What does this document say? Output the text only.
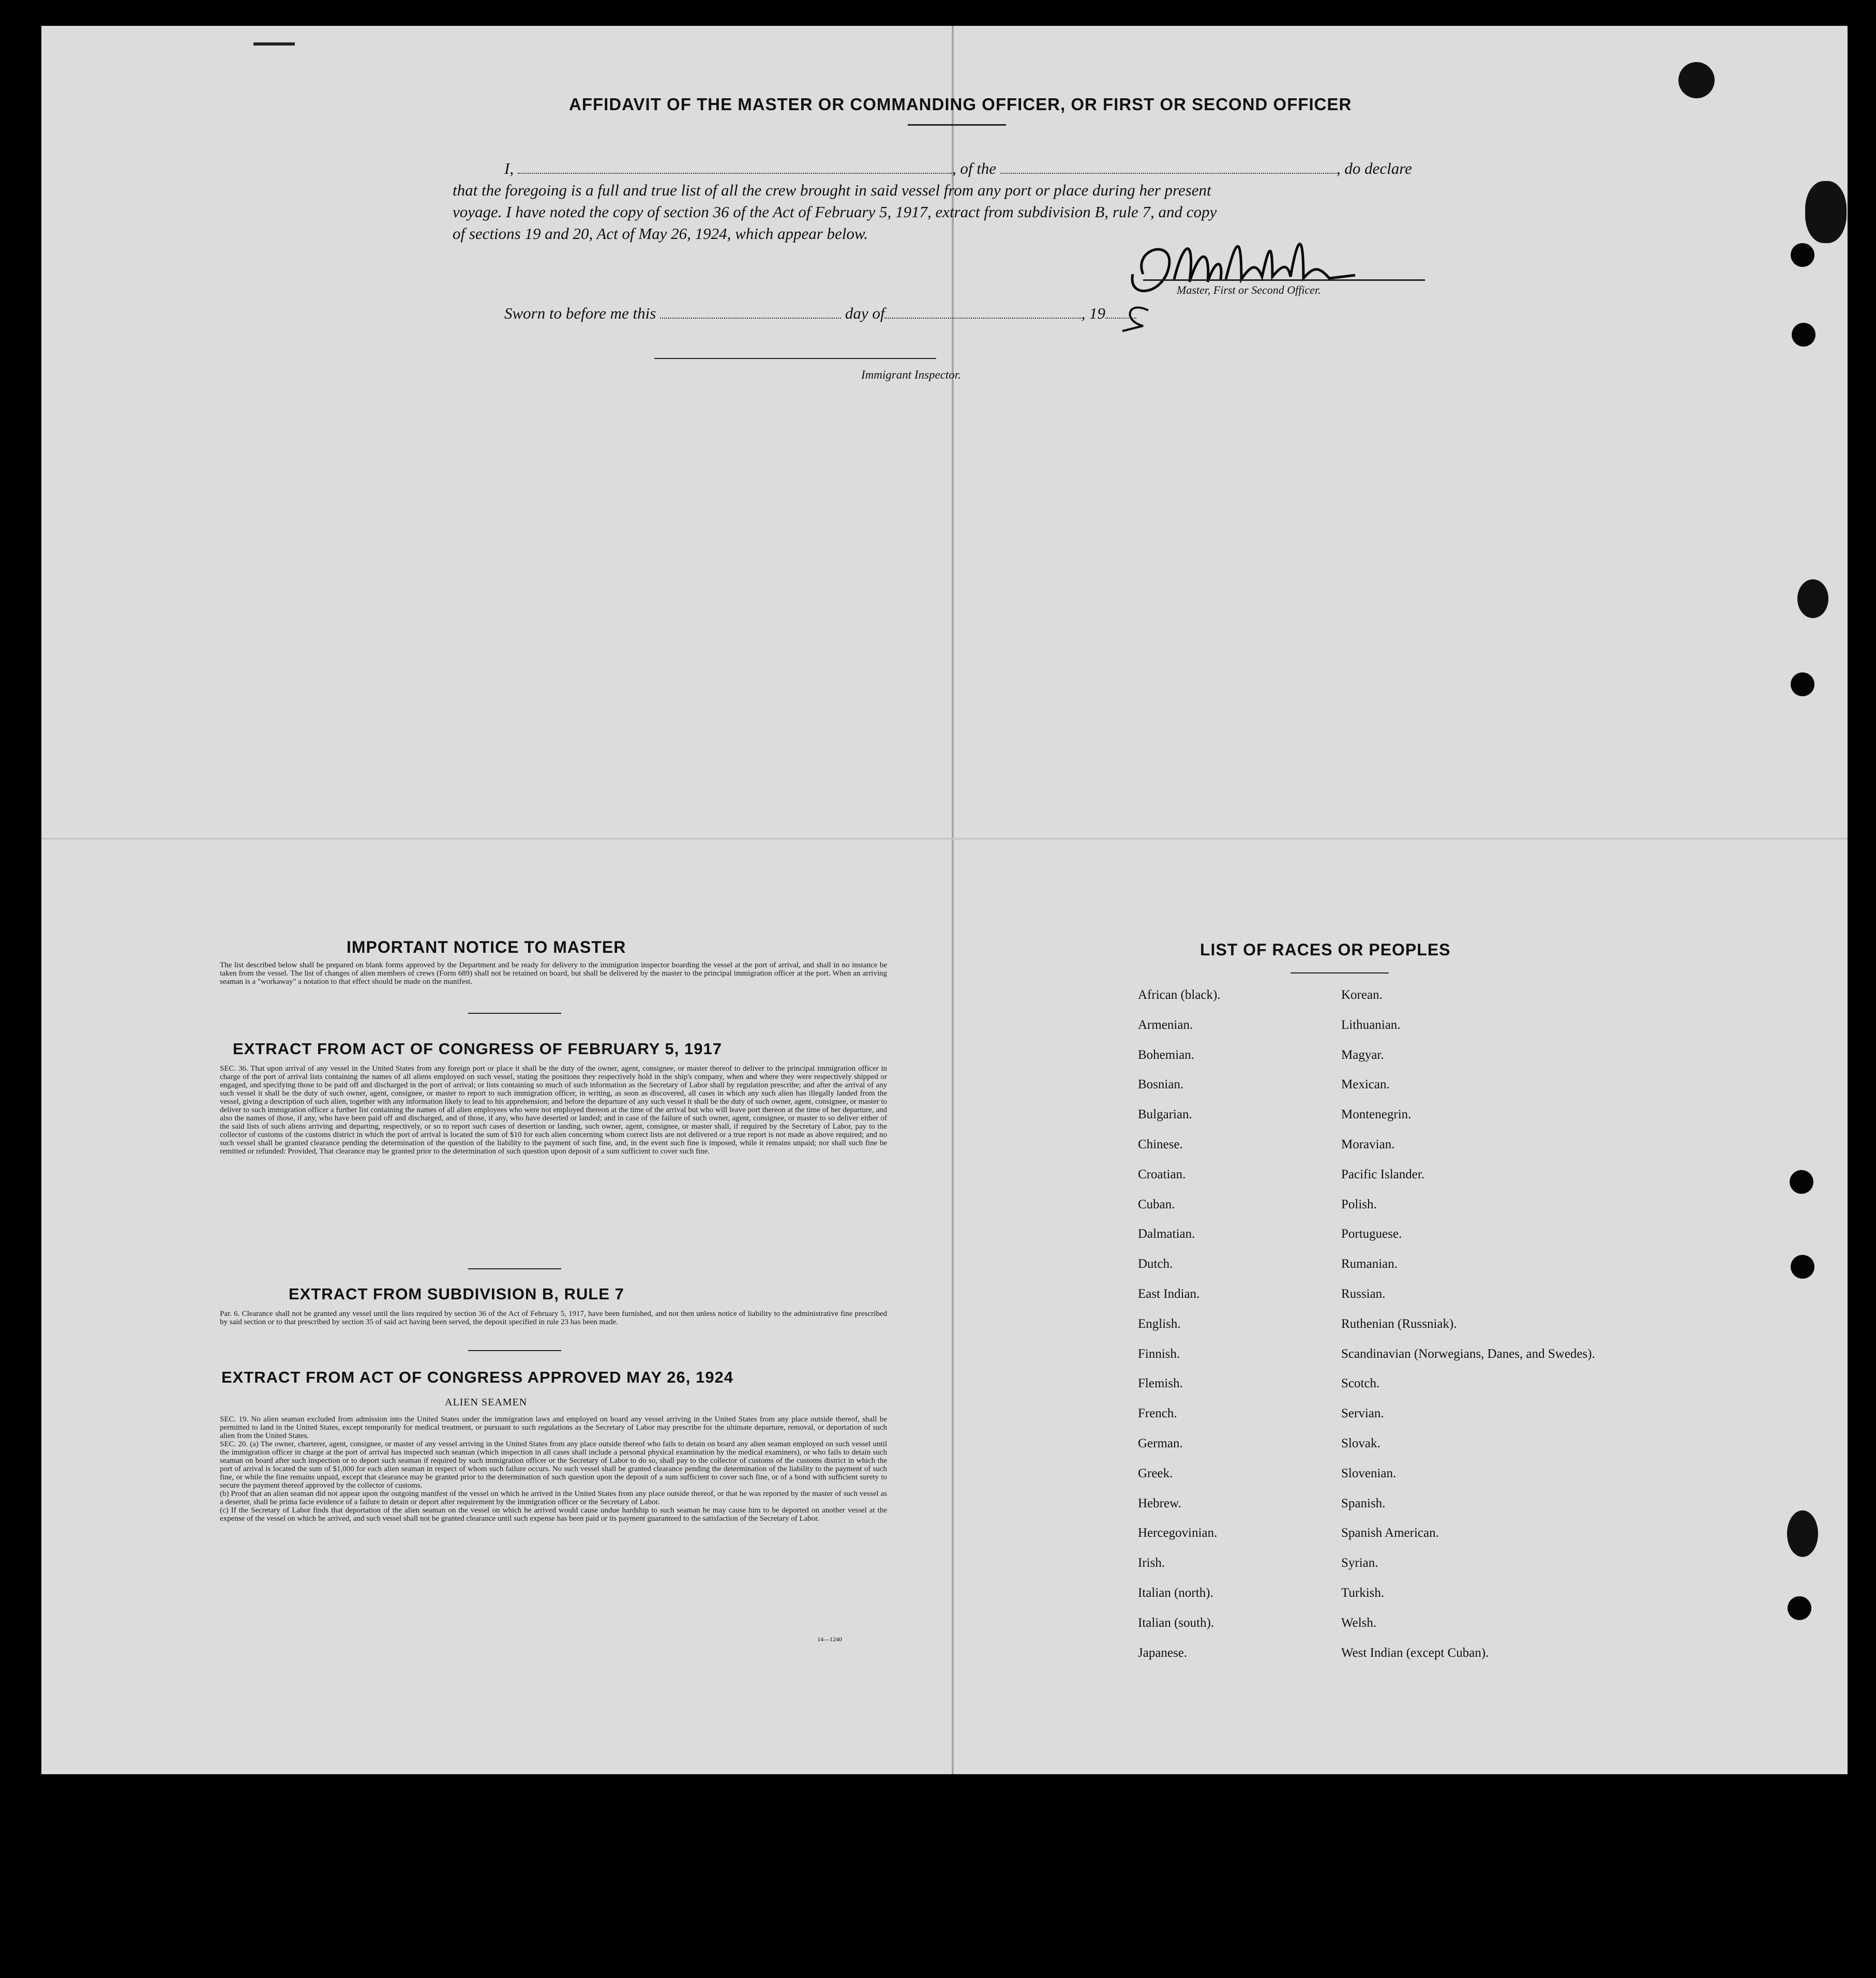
AFFIDAVIT OF THE MASTER OR COMMANDING OFFICER, OR FIRST OR SECOND OFFICER
I,	, of the	, do declare
that the foregoing is a full and true list of all the crew brought in said vessel from any port or place during her present
voyage. I have noted the copy of section 36 of the Act of February 5, 1917, extract from subdivision B, rule 7, and copy
of sections 19 and 20, Act of May 26, 1924, which appear below.
Master, First or Second Officer.
Sworn to before me this	day of	, 19
Immigrant Inspector.
IMPORTANT NOTICE TO MASTER
The list described below shall be prepared on blank forms approved by the Department and be ready for delivery to the immigration inspector boarding the vessel at the port of arrival, and shall in no instance be taken from the vessel. The list of changes of alien members of crews (Form 689) shall not be retained on board, but shall be delivered by the master to the principal immigration officer at the port. When an arriving seaman is a "workaway" a notation to that effect should be made on the manifest.
EXTRACT FROM ACT OF CONGRESS OF FEBRUARY 5, 1917
SEC. 36. That upon arrival of any vessel in the United States from any foreign port or place it shall be the duty of the owner, agent, consignee, or master thereof to deliver to the principal immigration officer in charge of the port of arrival lists containing the names of all aliens employed on such vessel, stating the positions they respectively hold in the ship's company, when and where they were respectively shipped or engaged, and specifying those to be paid off and discharged in the port of arrival; or lists containing so much of such information as the Secretary of Labor shall by regulation prescribe; and after the arrival of any such vessel it shall be the duty of such owner, agent, consignee, or master to report to such immigration officer, in writing, as soon as discovered, all cases in which any such alien has illegally landed from the vessel, giving a description of such alien, together with any information likely to lead to his apprehension; and before the departure of any such vessel it shall be the duty of such owner, agent, consignee, or master to deliver to such immigration officer a further list containing the names of all alien employees who were not employed thereon at the time of the arrival but who will leave port thereon at the time of her departure, and also the names of those, if any, who have been paid off and discharged, and of those, if any, who have deserted or landed; and in case of the failure of such owner, agent, consignee, or master to so deliver either of the said lists of such aliens arriving and departing, respectively, or so to report such cases of desertion or landing, such owner, agent, consignee, or master shall, if required by the Secretary of Labor, pay to the collector of customs of the customs district in which the port of arrival is located the sum of $10 for each alien concerning whom correct lists are not delivered or a true report is not made as above required; and no such vessel shall be granted clearance pending the determination of the question of the liability to the payment of such fine, and, in the event such fine is imposed, while it remains unpaid; nor shall such fine be remitted or refunded: Provided, That clearance may be granted prior to the determination of such question upon deposit of a sum sufficient to cover such fine.
EXTRACT FROM SUBDIVISION B, RULE 7
Par. 6. Clearance shall not be granted any vessel until the lists required by section 36 of the Act of February 5, 1917, have been furnished, and not then unless notice of liability to the administrative fine prescribed by said section or to that prescribed by section 35 of said act having been served, the deposit specified in rule 23 has been made.
EXTRACT FROM ACT OF CONGRESS APPROVED MAY 26, 1924
ALIEN SEAMEN
SEC. 19. No alien seaman excluded from admission into the United States under the immigration laws and employed on board any vessel arriving in the United States from any place outside thereof, shall be permitted to land in the United States, except temporarily for medical treatment, or pursuant to such regulations as the Secretary of Labor may prescribe for the ultimate departure, removal, or deportation of such alien from the United States.
SEC. 20. (a) The owner, charterer, agent, consignee, or master of any vessel arriving in the United States from any place outside thereof who fails to detain on board any alien seaman employed on such vessel until the immigration officer in charge at the port of arrival has inspected such seaman (which inspection in all cases shall include a personal physical examination by the medical examiners), or who fails to detain such seaman on board after such inspection or to deport such seaman if required by such immigration officer or the Secretary of Labor to do so, shall pay to the collector of customs of the customs district in which the port of arrival is located the sum of $1,000 for each alien seaman in respect of whom such failure occurs. No such vessel shall be granted clearance pending the determination of the liability to the payment of such fine, or while the fine remains unpaid, except that clearance may be granted prior to the determination of such question upon the deposit of a sum sufficient to cover such fine, or of a bond with sufficient surety to secure the payment thereof approved by the collector of customs.
(b) Proof that an alien seaman did not appear upon the outgoing manifest of the vessel on which he arrived in the United States from any place outside thereof, or that he was reported by the master of such vessel as a deserter, shall be prima facie evidence of a failure to detain or deport after requirement by the immigration officer or the Secretary of Labor.
(c) If the Secretary of Labor finds that deportation of the alien seaman on the vessel on which he arrived would cause undue hardship to such seaman he may cause him to be deported on another vessel at the expense of the vessel on which he arrived, and such vessel shall not be granted clearance until such expense has been paid or its payment guaranteed to the satisfaction of the Secretary of Labor.
14—1240
LIST OF RACES OR PEOPLES
African (black).	Korean.
Armenian.	Lithuanian.
Bohemian.	Magyar.
Bosnian.	Mexican.
Bulgarian.	Montenegrin.
Chinese.	Moravian.
Croatian.	Pacific Islander.
Cuban.	Polish.
Dalmatian.	Portuguese.
Dutch.	Rumanian.
East Indian.	Russian.
English.	Ruthenian (Russniak).
Finnish.	Scandinavian (Norwegians, Danes, and Swedes).
Flemish.	Scotch.
French.	Servian.
German.	Slovak.
Greek.	Slovenian.
Hebrew.	Spanish.
Hercegovinian.	Spanish American.
Irish.	Syrian.
Italian (north).	Turkish.
Italian (south).	Welsh.
Japanese.	West Indian (except Cuban).
